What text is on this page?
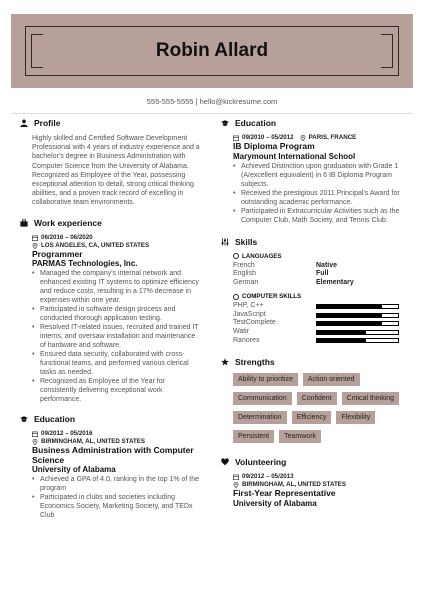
Robin Allard
555-555-5555 | hello@kickresume.com
Profile
Highly skilled and Certified Software Development Professional with 4 years of industry experience and a bachelor's degree in Business Administration with Computer Science from the University of Alabama. Recognized as Employee of the Year, possessing exceptional attention to detail, strong critical thinking abilities, and a proven track record of excelling in collaborative team environments.
Work experience
06/2016 – 06/2020
LOS ANGELES, CA, UNITED STATES
Programmer
PARMAS Technologies, Inc.
• Managed the company's internal network and enhanced existing IT systems to optimize efficiency and reduce costs, resulting in a 17% decrease in expenses within one year.
• Participated in software design process and conducted thorough application testing.
• Resolved IT-related issues, recruited and trained IT interns, and oversaw installation and maintenance of hardware and software.
• Ensured data security, collaborated with cross-functional teams, and performed various clerical tasks as needed.
• Recognized as Employee of the Year for consistently delivering exceptional work performance.
Education
09/2012 – 05/2016
BIRMINGHAM, AL, UNITED STATES
Business Administration with Computer Science
University of Alabama
• Achieved a GPA of 4.0, ranking in the top 1% of the program
• Participated in clubs and societies including Economics Society, Marketing Society, and TEDx Club
Education
09/2010 – 05/2012 PARIS, FRANCE
IB Diploma Program
Marymount International School
• Achieved Distinction upon graduation with Grade 1 (A/excellent equivalent) in 6 IB Diploma Program subjects.
• Received the prestigious 2011 Principal's Award for outstanding academic performance.
• Participated in Extracurricular Activities such as the Computer Club, Math Society, and Tennis Club.
Skills
LANGUAGES
French	Native
English	Full
German	Elementary
COMPUTER SKILLS
PHP, C++
JavaScript
TestComplete
Watir
Ranorex
Strengths
Ability to prioritize	Action oriented
Communication	Confident	Critical thinking
Determination	Efficiency	Flexibility
Persistent	Teamwork
Volunteering
09/2012 – 05/2013
BIRMINGHAM, AL, UNITED STATES
First-Year Representative
University of Alabama
